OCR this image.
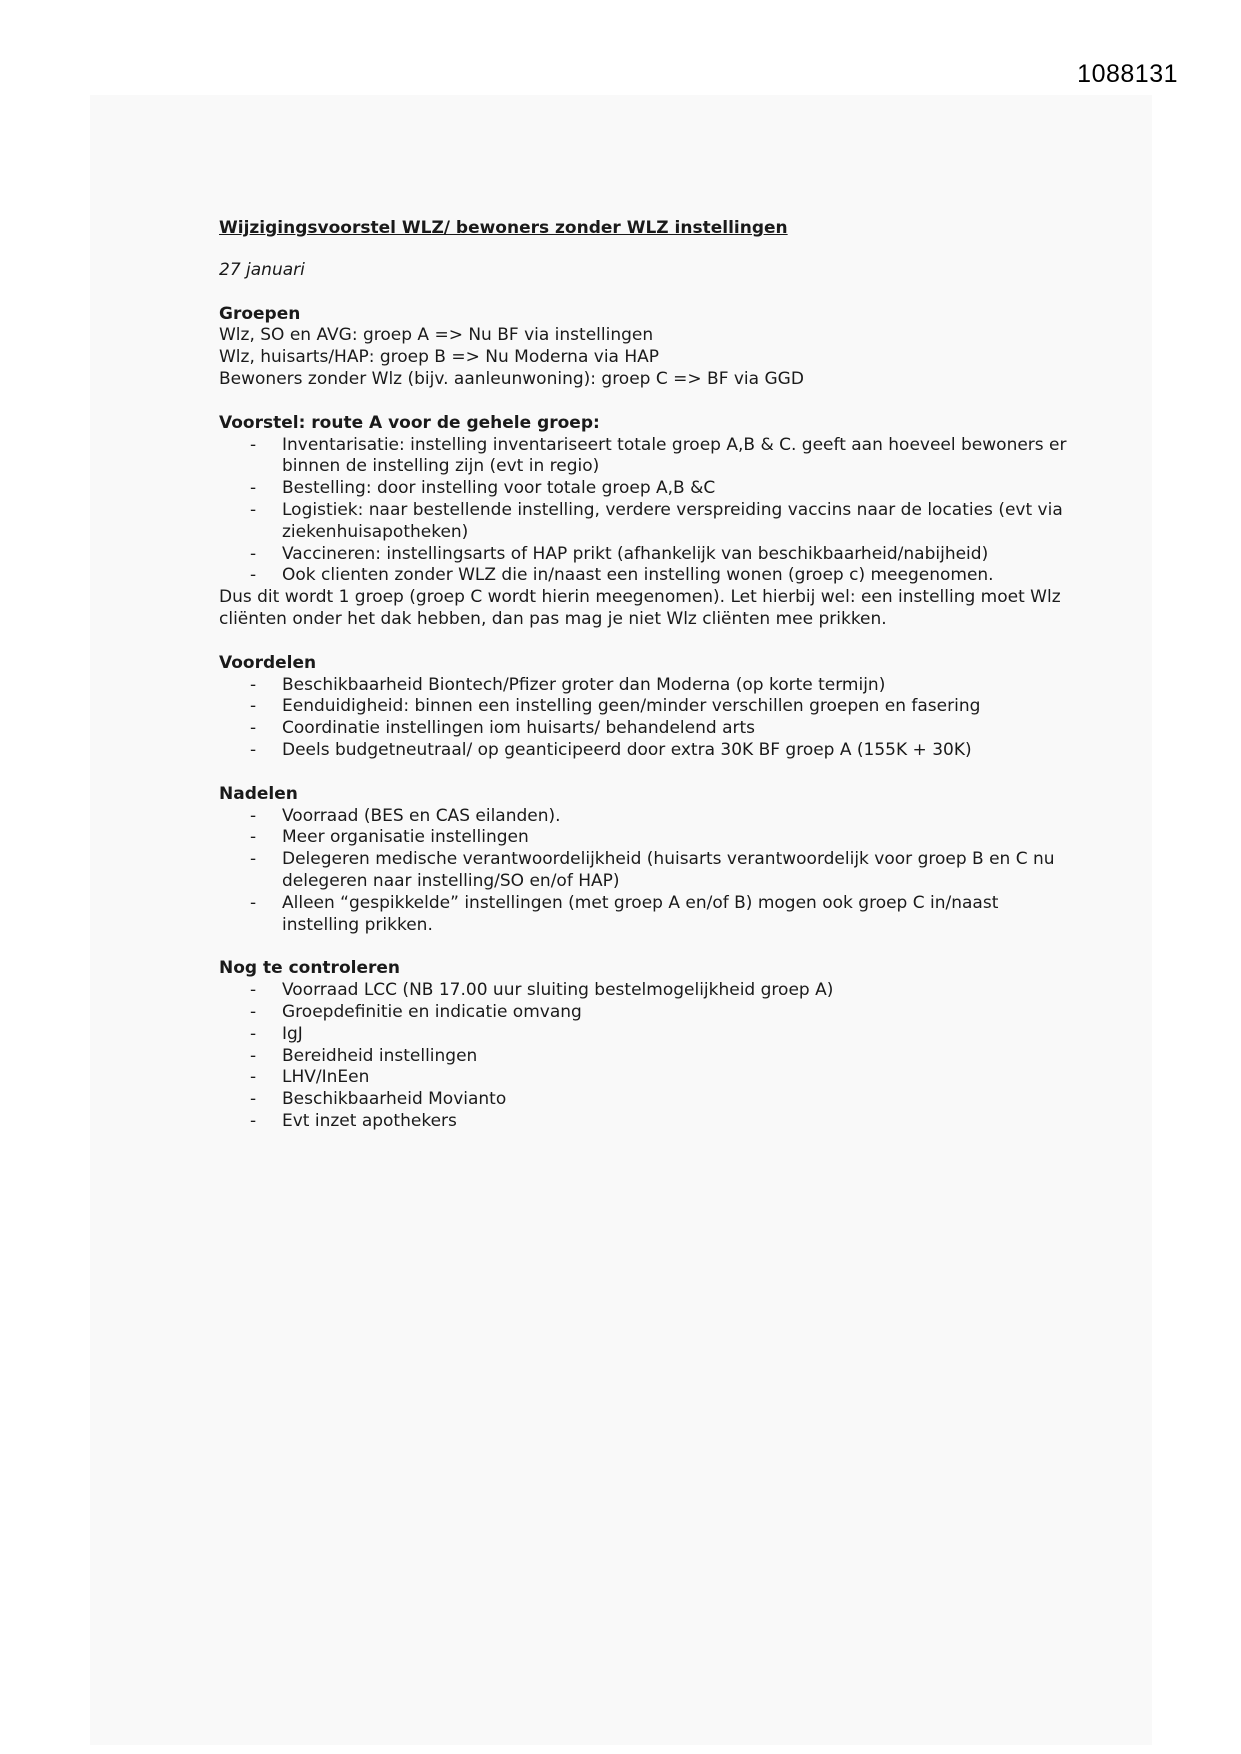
1088131
Wijzigingsvoorstel WLZ/ bewoners zonder WLZ instellingen
27 januari
Groepen
Wlz, SO en AVG: groep A => Nu BF via instellingen
Wlz, huisarts/HAP: groep B => Nu Moderna via HAP
Bewoners zonder Wlz (bijv. aanleunwoning): groep C => BF via GGD
Voorstel: route A voor de gehele groep:
- Inventarisatie: instelling inventariseert totale groep A,B & C. geeft aan hoeveel bewoners er binnen de instelling zijn (evt in regio)
- Bestelling: door instelling voor totale groep A,B &C
- Logistiek: naar bestellende instelling, verdere verspreiding vaccins naar de locaties (evt via ziekenhuisapotheken)
- Vaccineren: instellingsarts of HAP prikt (afhankelijk van beschikbaarheid/nabijheid)
- Ook clienten zonder WLZ die in/naast een instelling wonen (groep c) meegenomen.
Dus dit wordt 1 groep (groep C wordt hierin meegenomen). Let hierbij wel: een instelling moet Wlz cliënten onder het dak hebben, dan pas mag je niet Wlz cliënten mee prikken.
Voordelen
- Beschikbaarheid Biontech/Pfizer groter dan Moderna (op korte termijn)
- Eenduidigheid: binnen een instelling geen/minder verschillen groepen en fasering
- Coordinatie instellingen iom huisarts/ behandelend arts
- Deels budgetneutraal/ op geanticipeerd door extra 30K BF groep A (155K + 30K)
Nadelen
- Voorraad (BES en CAS eilanden).
- Meer organisatie instellingen
- Delegeren medische verantwoordelijkheid (huisarts verantwoordelijk voor groep B en C nu delegeren naar instelling/SO en/of HAP)
- Alleen “gespikkelde” instellingen (met groep A en/of B) mogen ook groep C in/naast instelling prikken.
Nog te controleren
- Voorraad LCC (NB 17.00 uur sluiting bestelmogelijkheid groep A)
- Groepdefinitie en indicatie omvang
- IgJ
- Bereidheid instellingen
- LHV/InEen
- Beschikbaarheid Movianto
- Evt inzet apothekers
